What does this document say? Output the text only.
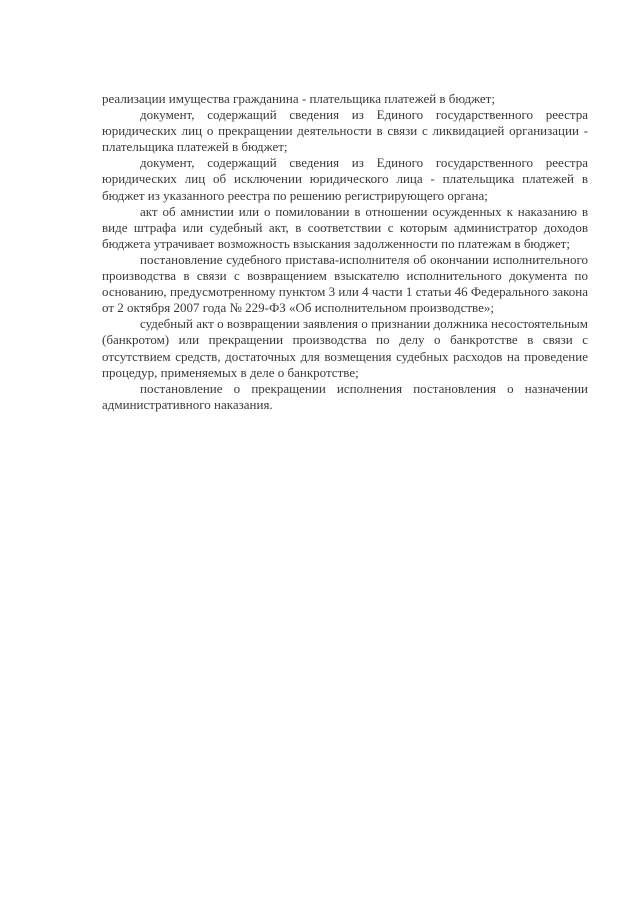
реализации имущества гражданина - плательщика платежей в бюджет;

документ, содержащий сведения из Единого государственного реестра юридических лиц о прекращении деятельности в связи с ликвидацией организации - плательщика платежей в бюджет;

документ, содержащий сведения из Единого государственного реестра юридических лиц об исключении юридического лица - плательщика платежей в бюджет из указанного реестра по решению регистрирующего органа;

акт об амнистии или о помиловании в отношении осужденных к наказанию в виде штрафа или судебный акт, в соответствии с которым администратор доходов бюджета утрачивает возможность взыскания задолженности по платежам в бюджет;

постановление судебного пристава-исполнителя об окончании исполнительного производства в связи с возвращением взыскателю исполнительного документа по основанию, предусмотренному пунктом 3 или 4 части 1 статьи 46 Федерального закона от 2 октября 2007 года № 229-ФЗ «Об исполнительном производстве»;

судебный акт о возвращении заявления о признании должника несостоятельным (банкротом) или прекращении производства по делу о банкротстве в связи с отсутствием средств, достаточных для возмещения судебных расходов на проведение процедур, применяемых в деле о банкротстве;

постановление о прекращении исполнения постановления о назначении административного наказания.
